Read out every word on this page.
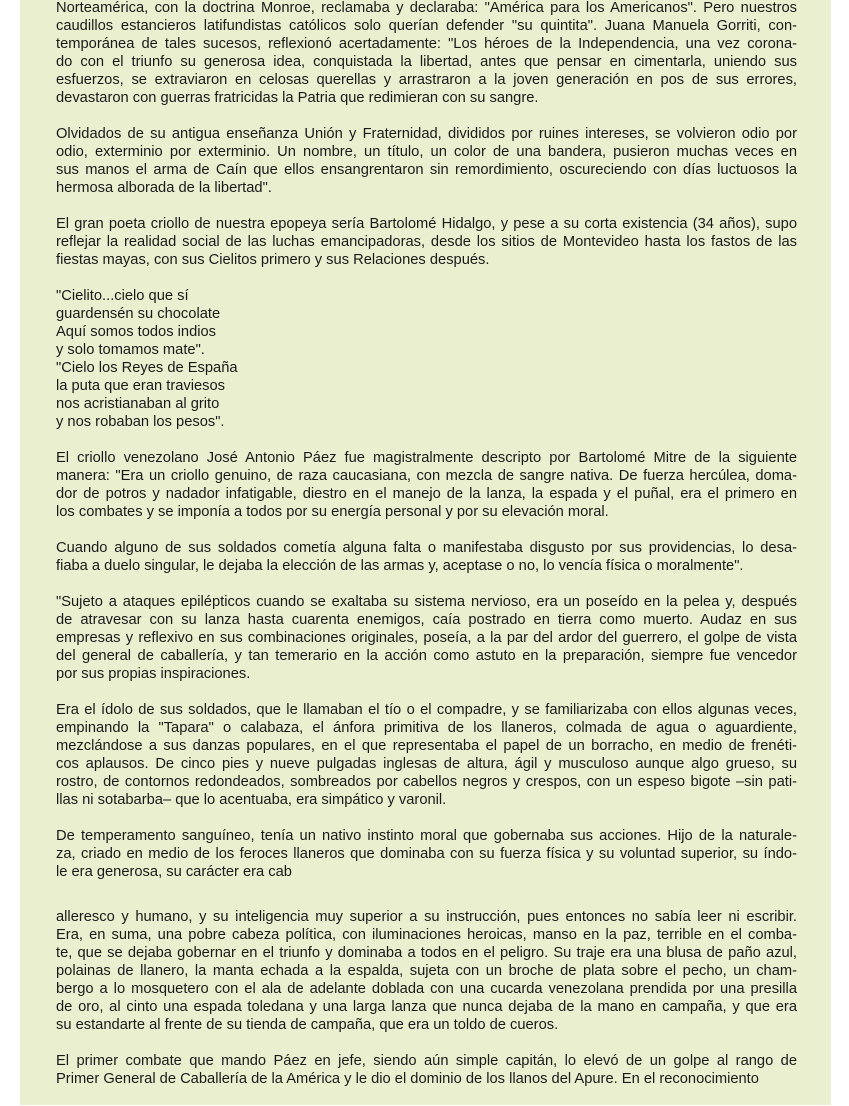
Norteamérica, con la doctrina Monroe, reclamaba y declaraba: "América para los Americanos". Pero nuestros
caudillos estancieros latifundistas católicos solo querían defender "su quintita". Juana Manuela Gorriti, con-
temporánea de tales sucesos, reflexionó acertadamente: "Los héroes de la Independencia, una vez corona-
do con el triunfo su generosa idea, conquistada la libertad, antes que pensar en cimentarla, uniendo sus
esfuerzos, se extraviaron en celosas querellas y arrastraron a la joven generación en pos de sus errores,
devastaron con guerras fratricidas la Patria que redimieran con su sangre.
Olvidados de su antigua enseñanza Unión y Fraternidad, divididos por ruines intereses, se volvieron odio por
odio, exterminio por exterminio. Un nombre, un título, un color de una bandera, pusieron muchas veces en
sus manos el arma de Caín que ellos ensangrentaron sin remordimiento, oscureciendo con días luctuosos la
hermosa alborada de la libertad".
El gran poeta criollo de nuestra epopeya sería Bartolomé Hidalgo, y pese a su corta existencia (34 años), supo
reflejar la realidad social de las luchas emancipadoras, desde los sitios de Montevideo hasta los fastos de las
fiestas mayas, con sus Cielitos primero y sus Relaciones después.
"Cielito...cielo que sí
guardensén su chocolate
Aquí somos todos indios
y solo tomamos mate".
"Cielo los Reyes de España
la puta que eran traviesos
nos acristianaban al grito
y nos robaban los pesos".
El criollo venezolano José Antonio Páez fue magistralmente descripto por Bartolomé Mitre de la siguiente
manera: "Era un criollo genuino, de raza caucasiana, con mezcla de sangre nativa. De fuerza hercúlea, doma-
dor de potros y nadador infatigable, diestro en el manejo de la lanza, la espada y el puñal, era el primero en
los combates y se imponía a todos por su energía personal y por su elevación moral.
Cuando alguno de sus soldados cometía alguna falta o manifestaba disgusto por sus providencias, lo desa-
fiaba a duelo singular, le dejaba la elección de las armas y, aceptase o no, lo vencía física o moralmente".
"Sujeto a ataques epilépticos cuando se exaltaba su sistema nervioso, era un poseído en la pelea y, después
de atravesar con su lanza hasta cuarenta enemigos, caía postrado en tierra como muerto. Audaz en sus
empresas y reflexivo en sus combinaciones originales, poseía, a la par del ardor del guerrero, el golpe de vista
del general de caballería, y tan temerario en la acción como astuto en la preparación, siempre fue vencedor
por sus propias inspiraciones.
Era el ídolo de sus soldados, que le llamaban el tío o el compadre, y se familiarizaba con ellos algunas veces,
empinando la "Tapara" o calabaza, el ánfora primitiva de los llaneros, colmada de agua o aguardiente,
mezclándose a sus danzas populares, en el que representaba el papel de un borracho, en medio de frenéti-
cos aplausos. De cinco pies y nueve pulgadas inglesas de altura, ágil y musculoso aunque algo grueso, su
rostro, de contornos redondeados, sombreados por cabellos negros y crespos, con un espeso bigote –sin pati-
llas ni sotabarba– que lo acentuaba, era simpático y varonil.
De temperamento sanguíneo, tenía un nativo instinto moral que gobernaba sus acciones. Hijo de la naturale-
za, criado en medio de los feroces llaneros que dominaba con su fuerza física y su voluntad superior, su índo-
le era generosa, su carácter era cab
alleresco y humano, y su inteligencia muy superior a su instrucción, pues entonces no sabía leer ni escribir.
Era, en suma, una pobre cabeza política, con iluminaciones heroicas, manso en la paz, terrible en el comba-
te, que se dejaba gobernar en el triunfo y dominaba a todos en el peligro. Su traje era una blusa de paño azul,
polainas de llanero, la manta echada a la espalda, sujeta con un broche de plata sobre el pecho, un cham-
bergo a lo mosquetero con el ala de adelante doblada con una cucarda venezolana prendida por una presilla
de oro, al cinto una espada toledana y una larga lanza que nunca dejaba de la mano en campaña, y que era
su estandarte al frente de su tienda de campaña, que era un toldo de cueros.
El primer combate que mando Páez en jefe, siendo aún simple capitán, lo elevó de un golpe al rango de
Primer General de Caballería de la América y le dio el dominio de los llanos del Apure. En el reconocimiento
